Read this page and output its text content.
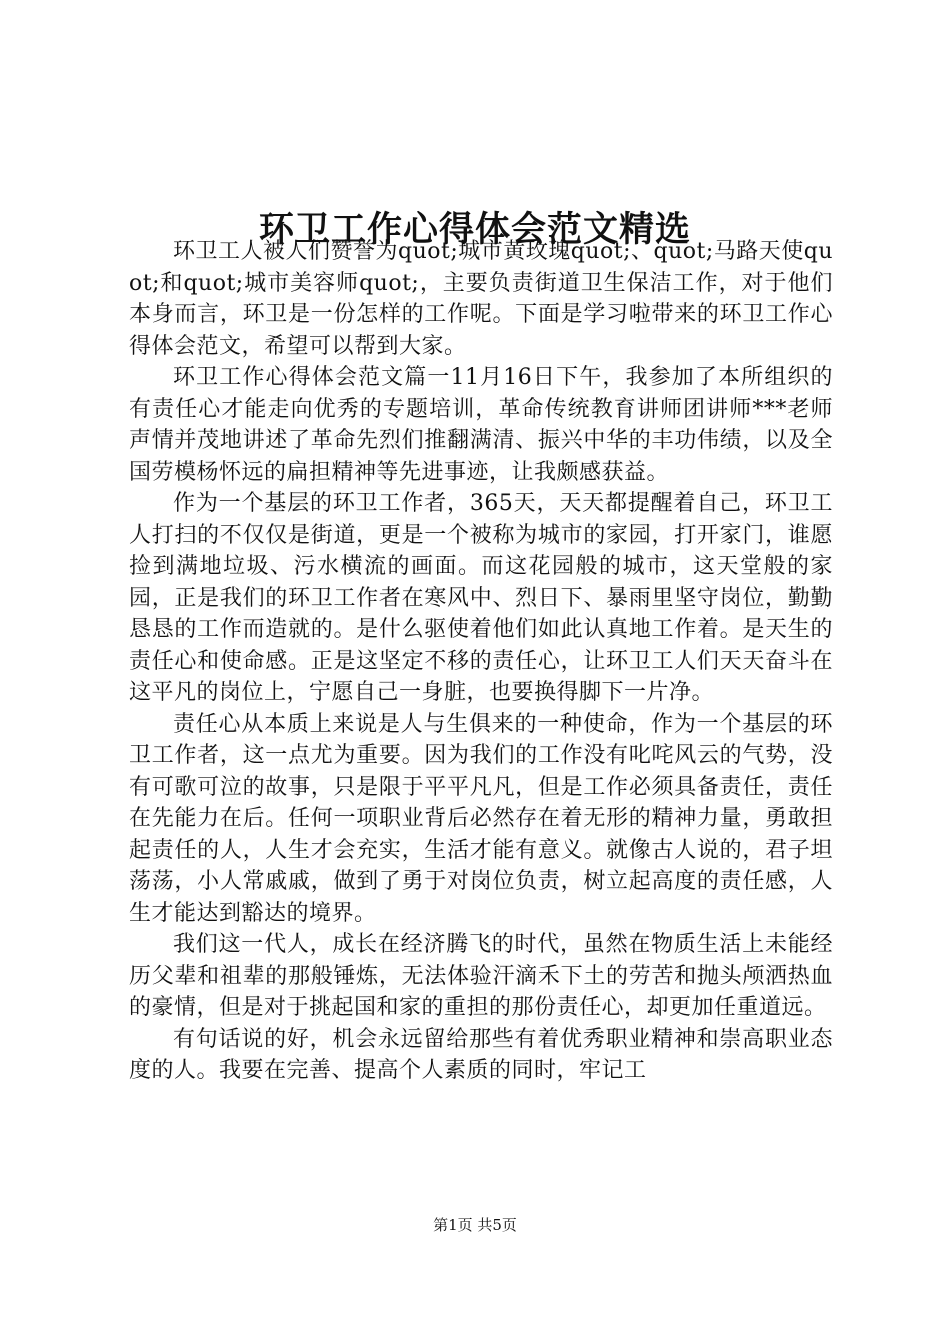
环卫工作心得体会范文精选

环卫工人被人们赞誉为quot;城市黄玫瑰quot;、quot;马路天使quot;和quot;城市美容师quot;，主要负责街道卫生保洁工作，对于他们本身而言，环卫是一份怎样的工作呢。下面是学习啦带来的环卫工作心得体会范文，希望可以帮到大家。

环卫工作心得体会范文篇一11月16日下午，我参加了本所组织的有责任心才能走向优秀的专题培训，革命传统教育讲师团讲师***老师声情并茂地讲述了革命先烈们推翻满清、振兴中华的丰功伟绩，以及全国劳模杨怀远的扁担精神等先进事迹，让我颇感获益。

作为一个基层的环卫工作者，365天，天天都提醒着自己，环卫工人打扫的不仅仅是街道，更是一个被称为城市的家园，打开家门，谁愿捡到满地垃圾、污水横流的画面。而这花园般的城市，这天堂般的家园，正是我们的环卫工作者在寒风中、烈日下、暴雨里坚守岗位，勤勤恳恳的工作而造就的。是什么驱使着他们如此认真地工作着。是天生的责任心和使命感。正是这坚定不移的责任心，让环卫工人们天天奋斗在这平凡的岗位上，宁愿自己一身脏，也要换得脚下一片净。

责任心从本质上来说是人与生俱来的一种使命，作为一个基层的环卫工作者，这一点尤为重要。因为我们的工作没有叱咤风云的气势，没有可歌可泣的故事，只是限于平平凡凡，但是工作必须具备责任，责任在先能力在后。任何一项职业背后必然存在着无形的精神力量，勇敢担起责任的人，人生才会充实，生活才能有意义。就像古人说的，君子坦荡荡，小人常戚戚，做到了勇于对岗位负责，树立起高度的责任感，人生才能达到豁达的境界。

我们这一代人，成长在经济腾飞的时代，虽然在物质生活上未能经历父辈和祖辈的那般锤炼，无法体验汗滴禾下土的劳苦和抛头颅洒热血的豪情，但是对于挑起国和家的重担的那份责任心，却更加任重道远。

有句话说的好，机会永远留给那些有着优秀职业精神和崇高职业态度的人。我要在完善、提高个人素质的同时，牢记工

第1页 共5页
